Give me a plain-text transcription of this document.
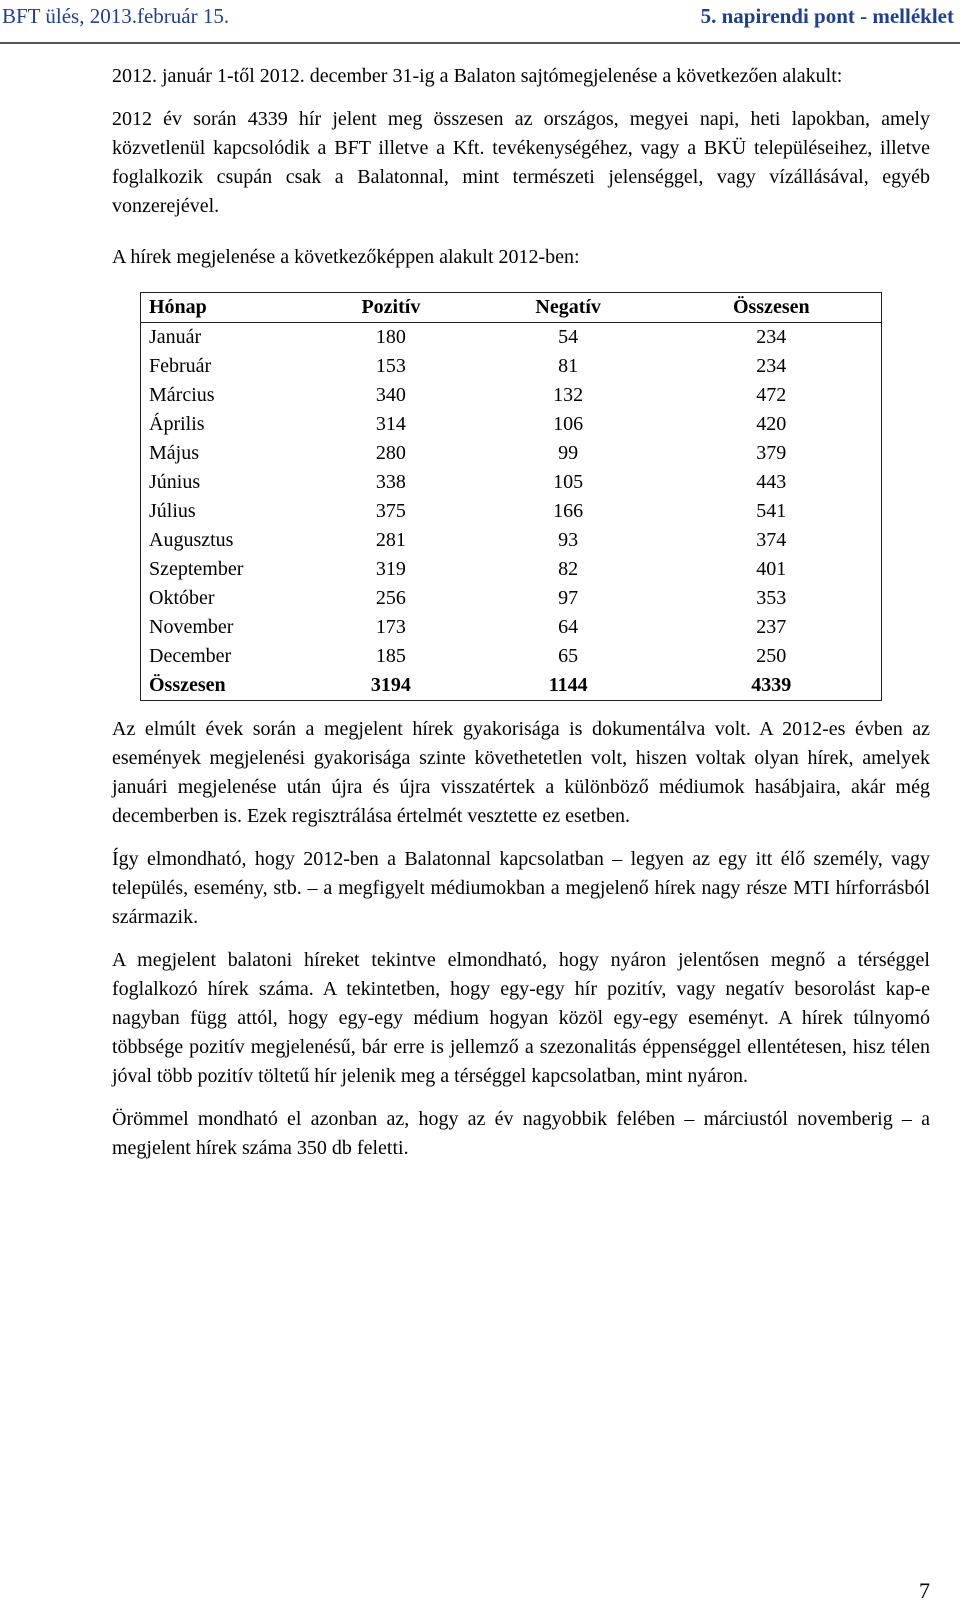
BFT ülés, 2013.február 15.	5. napirendi pont - melléklet

2012. január 1-től 2012. december 31-ig a Balaton sajtómegjelenése a következően alakult:

2012 év során 4339 hír jelent meg összesen az országos, megyei napi, heti lapokban, amely közvetlenül kapcsolódik a BFT illetve a Kft. tevékenységéhez, vagy a BKÜ településeihez, illetve foglalkozik csupán csak a Balatonnal, mint természeti jelenséggel, vagy vízállásával, egyéb vonzerejével.

A hírek megjelenése a következőképpen alakult 2012-ben:

Hónap	Pozitív	Negatív	Összesen
Január	180	54	234
Február	153	81	234
Március	340	132	472
Április	314	106	420
Május	280	99	379
Június	338	105	443
Július	375	166	541
Augusztus	281	93	374
Szeptember	319	82	401
Október	256	97	353
November	173	64	237
December	185	65	250
Összesen	3194	1144	4339

Az elmúlt évek során a megjelent hírek gyakorisága is dokumentálva volt. A 2012-es évben az események megjelenési gyakorisága szinte követhetetlen volt, hiszen voltak olyan hírek, amelyek januári megjelenése után újra és újra visszatértek a különböző médiumok hasábjaira, akár még decemberben is. Ezek regisztrálása értelmét vesztette ez esetben.

Így elmondható, hogy 2012-ben a Balatonnal kapcsolatban – legyen az egy itt élő személy, vagy település, esemény, stb. – a megfigyelt médiumokban a megjelenő hírek nagy része MTI hírforrásból származik.

A megjelent balatoni híreket tekintve elmondható, hogy nyáron jelentősen megnő a térséggel foglalkozó hírek száma. A tekintetben, hogy egy-egy hír pozitív, vagy negatív besorolást kap-e nagyban függ attól, hogy egy-egy médium hogyan közöl egy-egy eseményt. A hírek túlnyomó többsége pozitív megjelenésű, bár erre is jellemző a szezonalitás éppenséggel ellentétesen, hisz télen jóval több pozitív töltetű hír jelenik meg a térséggel kapcsolatban, mint nyáron.

Örömmel mondható el azonban az, hogy az év nagyobbik felében – márciustól novemberig – a megjelent hírek száma 350 db feletti.

7
